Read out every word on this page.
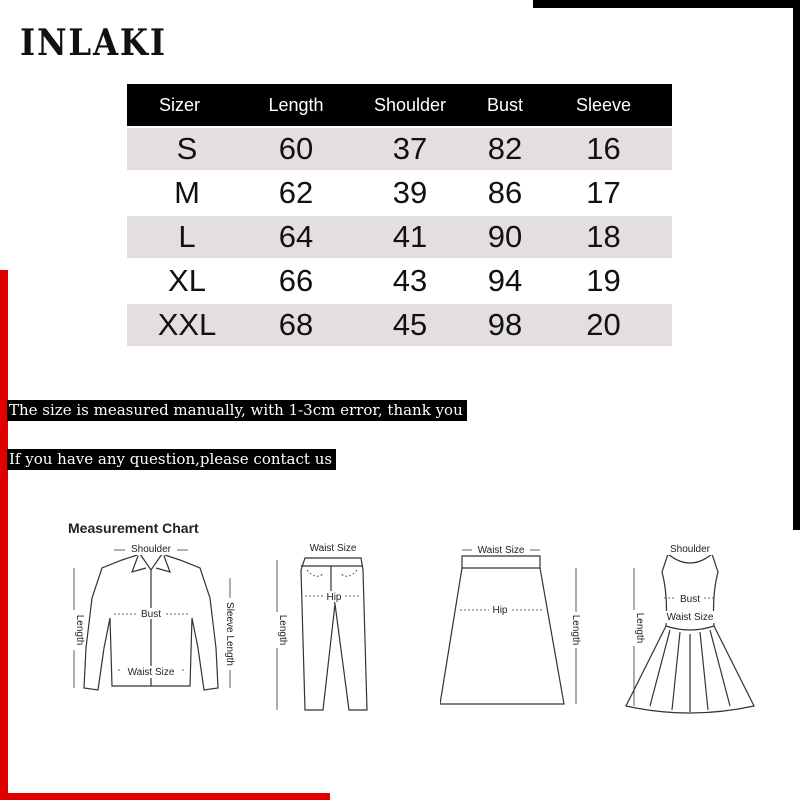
INLAKI
Sizer	Length	Shoulder	Bust	Sleeve
S	60	37	82	16
M	62	39	86	17
L	64	41	90	18
XL	66	43	94	19
XXL	68	45	98	20
The size is measured manually, with 1-3cm error, thank you
If you have any question,please contact us
Measurement Chart
Shoulder
Bust
Waist Size
Length	Sleeve Length
Waist Size
Hip
Length
Waist Size
Hip
Length
Shoulder
Bust
Waist Size
Length
